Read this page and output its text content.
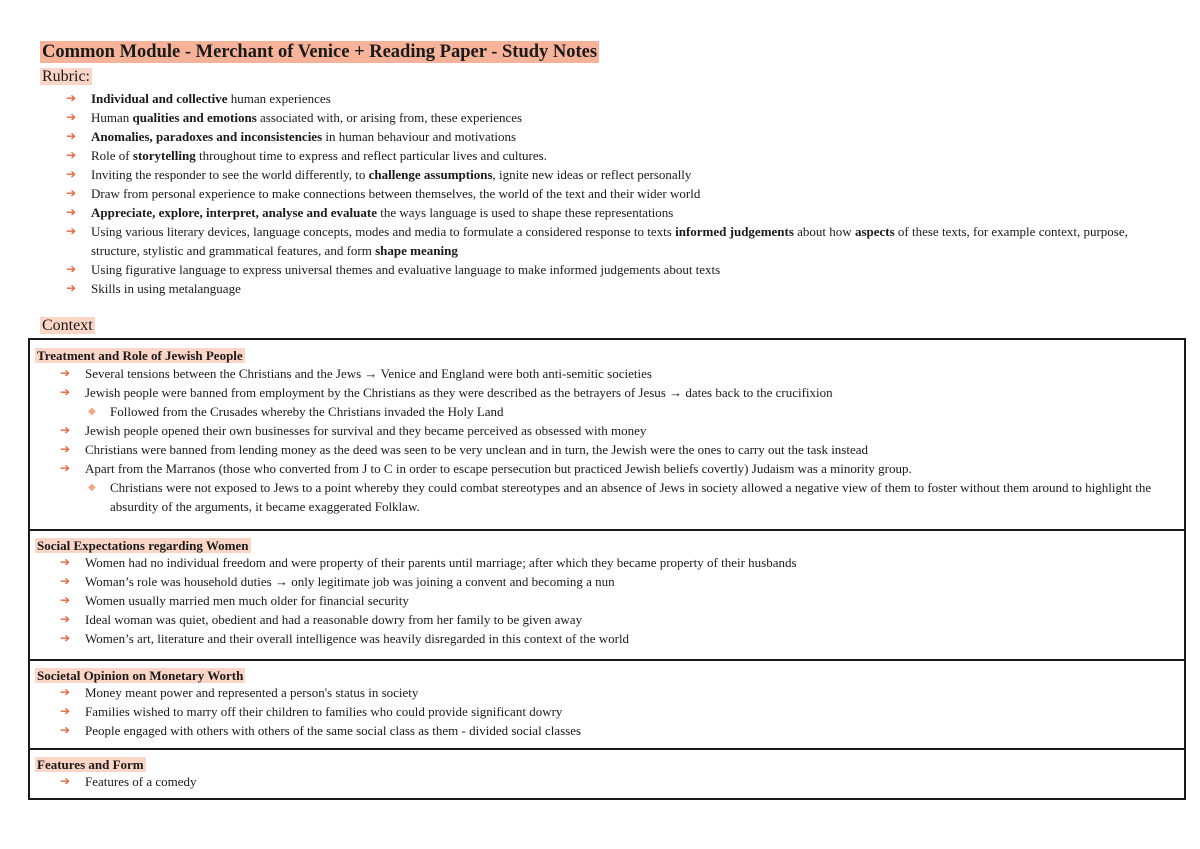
Common Module - Merchant of Venice + Reading Paper - Study Notes
Rubric:
➔ Individual and collective human experiences
➔ Human qualities and emotions associated with, or arising from, these experiences
➔ Anomalies, paradoxes and inconsistencies in human behaviour and motivations
➔ Role of storytelling throughout time to express and reflect particular lives and cultures.
➔ Inviting the responder to see the world differently, to challenge assumptions, ignite new ideas or reflect personally
➔ Draw from personal experience to make connections between themselves, the world of the text and their wider world
➔ Appreciate, explore, interpret, analyse and evaluate the ways language is used to shape these representations
➔ Using various literary devices, language concepts, modes and media to formulate a considered response to texts informed judgements about how aspects of these texts, for example context, purpose, structure, stylistic and grammatical features, and form shape meaning
➔ Using figurative language to express universal themes and evaluative language to make informed judgements about texts
➔ Skills in using metalanguage
Context
Treatment and Role of Jewish People
➔ Several tensions between the Christians and the Jews → Venice and England were both anti-semitic societies
➔ Jewish people were banned from employment by the Christians as they were described as the betrayers of Jesus → dates back to the crucifixion
◆ Followed from the Crusades whereby the Christians invaded the Holy Land
➔ Jewish people opened their own businesses for survival and they became perceived as obsessed with money
➔ Christians were banned from lending money as the deed was seen to be very unclean and in turn, the Jewish were the ones to carry out the task instead
➔ Apart from the Marranos (those who converted from J to C in order to escape persecution but practiced Jewish beliefs covertly) Judaism was a minority group.
◆ Christians were not exposed to Jews to a point whereby they could combat stereotypes and an absence of Jews in society allowed a negative view of them to foster without them around to highlight the absurdity of the arguments, it became exaggerated Folklaw.
Social Expectations regarding Women
➔ Women had no individual freedom and were property of their parents until marriage; after which they became property of their husbands
➔ Woman’s role was household duties → only legitimate job was joining a convent and becoming a nun
➔ Women usually married men much older for financial security
➔ Ideal woman was quiet, obedient and had a reasonable dowry from her family to be given away
➔ Women’s art, literature and their overall intelligence was heavily disregarded in this context of the world
Societal Opinion on Monetary Worth
➔ Money meant power and represented a person's status in society
➔ Families wished to marry off their children to families who could provide significant dowry
➔ People engaged with others with others of the same social class as them - divided social classes
Features and Form
➔ Features of a comedy
